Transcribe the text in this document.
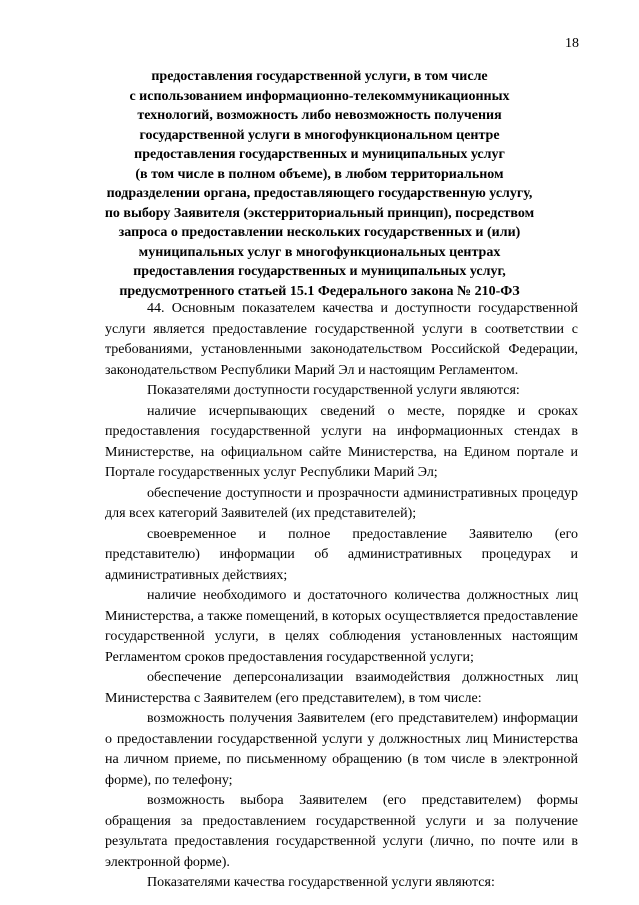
18
предоставления государственной услуги, в том числе
с использованием информационно-телекоммуникационных
технологий, возможность либо невозможность получения
государственной услуги в многофункциональном центре
предоставления государственных и муниципальных услуг
(в том числе в полном объеме), в любом территориальном
подразделении органа, предоставляющего государственную услугу,
по выбору Заявителя (экстерриториальный принцип), посредством
запроса о предоставлении нескольких государственных и (или)
муниципальных услуг в многофункциональных центрах
предоставления государственных и муниципальных услуг,
предусмотренного статьей 15.1 Федерального закона № 210-ФЗ

44. Основным показателем качества и доступности государственной услуги является предоставление государственной услуги в соответствии с требованиями, установленными законодательством Российской Федерации, законодательством Республики Марий Эл и настоящим Регламентом.

Показателями доступности государственной услуги являются:

наличие исчерпывающих сведений о месте, порядке и сроках предоставления государственной услуги на информационных стендах в Министерстве, на официальном сайте Министерства, на Едином портале и Портале государственных услуг Республики Марий Эл;

обеспечение доступности и прозрачности административных процедур для всех категорий Заявителей (их представителей);

своевременное и полное предоставление Заявителю (его представителю) информации об административных процедурах и административных действиях;

наличие необходимого и достаточного количества должностных лиц Министерства, а также помещений, в которых осуществляется предоставление государственной услуги, в целях соблюдения установленных настоящим Регламентом сроков предоставления государственной услуги;

обеспечение деперсонализации взаимодействия должностных лиц Министерства с Заявителем (его представителем), в том числе:

возможность получения Заявителем (его представителем) информации о предоставлении государственной услуги у должностных лиц Министерства на личном приеме, по письменному обращению (в том числе в электронной форме), по телефону;

возможность выбора Заявителем (его представителем) формы обращения за предоставлением государственной услуги и за получение результата предоставления государственной услуги (лично, по почте или в электронной форме).

Показателями качества государственной услуги являются:
